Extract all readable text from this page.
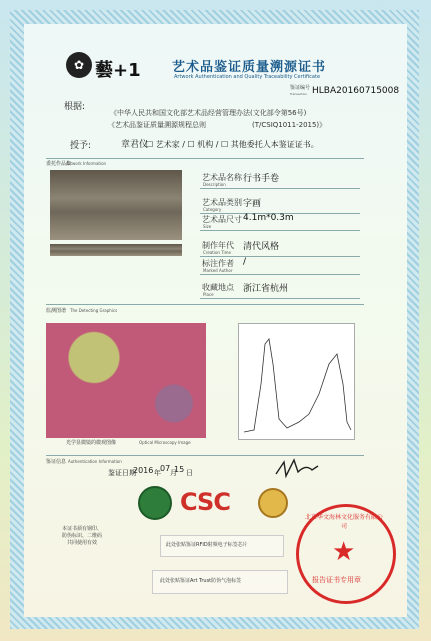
✿ 藝+1 艺术品鉴证质量溯源证书
Artwork Authentication and Quality Traceability Certificate
鉴证编号
Transaction HLBA20160715008
根据:
《中华人民共和国文化部艺术品经营管理办法(文化部令第56号)
《艺术品鉴证质量溯源规程总则	(T/CSIQ1011-2015)》
授予:	章君仪
☐ 艺术家 / ☐ 机构 / ☐ 其他委托人本鉴证证书。
委托作品集
Artwork Information
艺术品名称
Description
行书手卷
艺术品类别
Category
字画
艺术品尺寸
Size
4.1m*0.3m
制作年代
Creation Time
清代风格
标注作者
Marked Author
/
收藏地点
Place
浙江省杭州
监测图谱 The Detecting Graphics
光学显微镜的微观图像	Optical Microscopy Image
鉴证信息 Authentication Information
鉴证日期
2016 年 07 月
15 日
CSC
本证书须有钢印、防伪标识、二维码共同使用有效	此处张贴鉴证RFID射频电子标签芯片
此处张贴鉴证Art Trust防伪气泡标签
★
北京华文海林文化服务有限公司
报告证书专用章
